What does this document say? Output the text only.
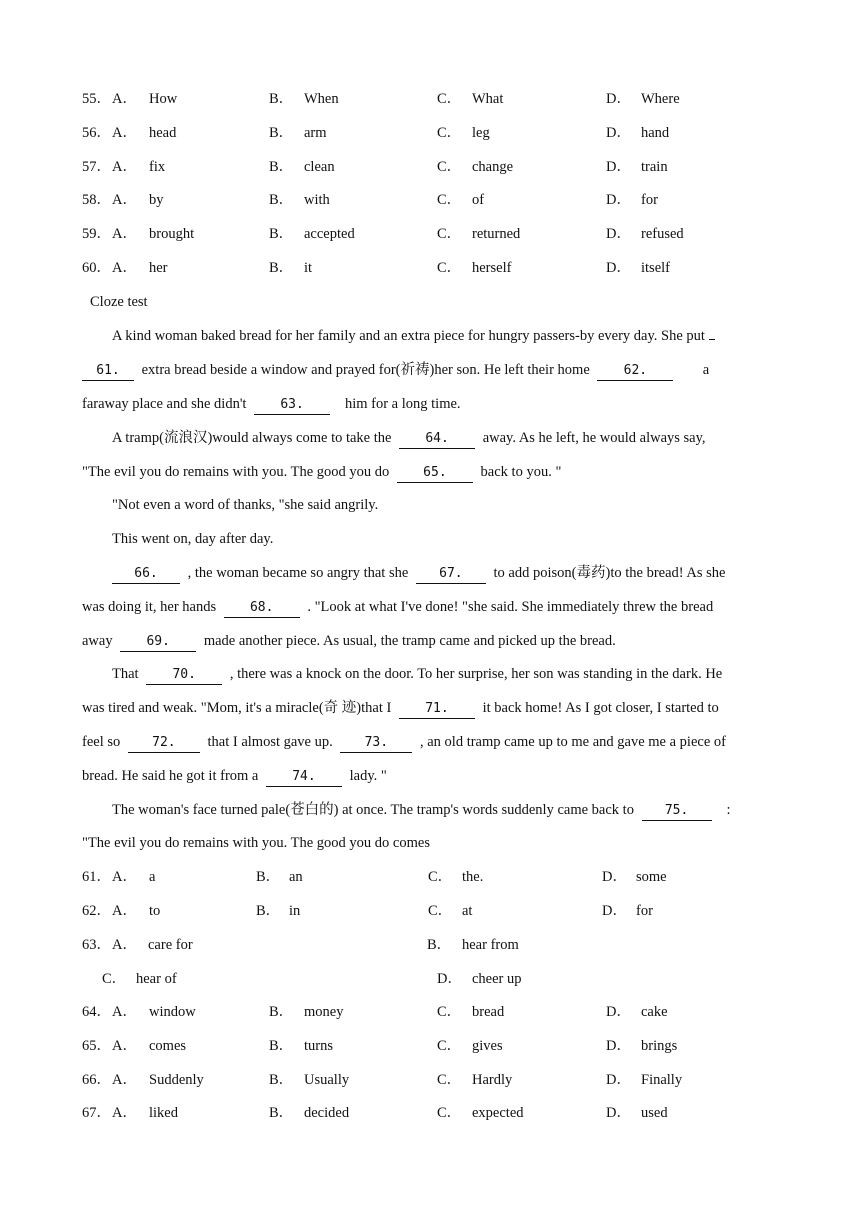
55． A． How	B． When	C． What	D． Where
56． A． head	B． arm	C． leg	D． hand
57． A． fix	B． clean	C． change	D． train
58． A． by	B． with	C． of	D． for
59． A． brought	B． accepted	C． returned	D． refused
60． A． her	B． it	C． herself	D． itself
Cloze test
A kind woman baked bread for her family and an extra piece for hungry passers-by every day. She put
61. extra bread beside a window and prayed for(祈祷)her son. He left their home	62.	a
faraway place and she didn't	63.	him for a long time.
A tramp(流浪汉)would always come to take the	64. away. As he left, he would always say,
"The evil you do remains with you. The good you do	65. back to you. "
"Not even a word of thanks, "she said angrily.
This went on, day after day.
66. , the woman became so angry that she 67. to add poison(毒药)to the bread! As she
was doing it, her hands	68. . "Look at what I've done! "she said. She immediately threw the bread
away	69. made another piece. As usual, the tramp came and picked up the bread.
That	70. , there was a knock on the door. To her surprise, her son was standing in the dark. He
was tired and weak. "Mom, it's a miracle(奇 迹)that I	71. it back home! As I got closer, I started to
feel so 72. that I almost gave up. 73. , an old tramp came up to me and gave me a piece of
bread. He said he got it from a	74. lady. "
The woman's face turned pale(苍白的) at once. The tramp's words suddenly came back to 75.	:
"The evil you do remains with you. The good you do comes
61． A． a	B． an	C． the.	D． some
62． A． to	B． in	C． at	D． for
63． A． care for	B． hear from
C． hear of	D． cheer up
64． A． window	B． money	C． bread	D． cake
65． A． comes	B． turns	C． gives	D． brings
66． A． Suddenly	B． Usually	C． Hardly	D． Finally
67． A． liked	B． decided	C． expected	D． used
